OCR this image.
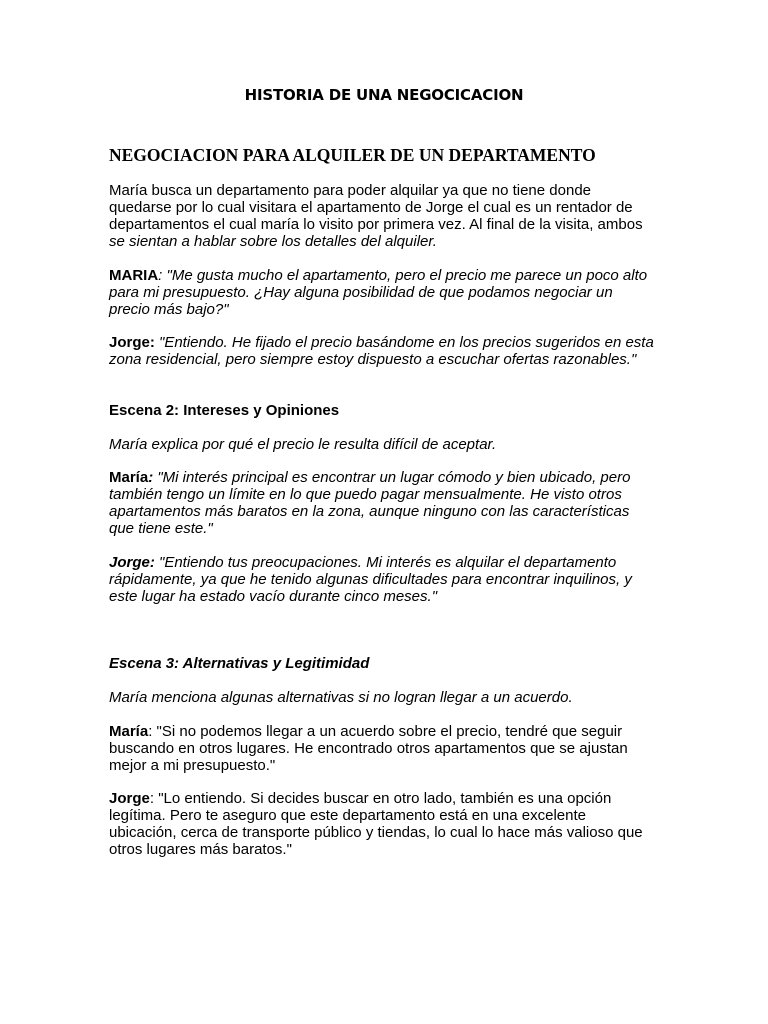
HISTORIA DE UNA NEGOCICACION
NEGOCIACION PARA ALQUILER DE UN DEPARTAMENTO

María busca un departamento para poder alquilar ya que no tiene donde quedarse por lo cual visitara el apartamento de Jorge el cual es un rentador de departamentos el cual maría lo visito por primera vez. Al final de la visita, ambos se sientan a hablar sobre los detalles del alquiler.

MARIA: "Me gusta mucho el apartamento, pero el precio me parece un poco alto para mi presupuesto. ¿Hay alguna posibilidad de que podamos negociar un precio más bajo?"

Jorge: "Entiendo. He fijado el precio basándome en los precios sugeridos en esta zona residencial, pero siempre estoy dispuesto a escuchar ofertas razonables."

Escena 2: Intereses y Opiniones
María explica por qué el precio le resulta difícil de aceptar.

María: "Mi interés principal es encontrar un lugar cómodo y bien ubicado, pero también tengo un límite en lo que puedo pagar mensualmente. He visto otros apartamentos más baratos en la zona, aunque ninguno con las características que tiene este."

Jorge: "Entiendo tus preocupaciones. Mi interés es alquilar el departamento rápidamente, ya que he tenido algunas dificultades para encontrar inquilinos, y este lugar ha estado vacío durante cinco meses."

Escena 3: Alternativas y Legitimidad
María menciona algunas alternativas si no logran llegar a un acuerdo.

María: "Si no podemos llegar a un acuerdo sobre el precio, tendré que seguir buscando en otros lugares. He encontrado otros apartamentos que se ajustan mejor a mi presupuesto."

Jorge: "Lo entiendo. Si decides buscar en otro lado, también es una opción legítima. Pero te aseguro que este departamento está en una excelente ubicación, cerca de transporte público y tiendas, lo cual lo hace más valioso que otros lugares más baratos."
